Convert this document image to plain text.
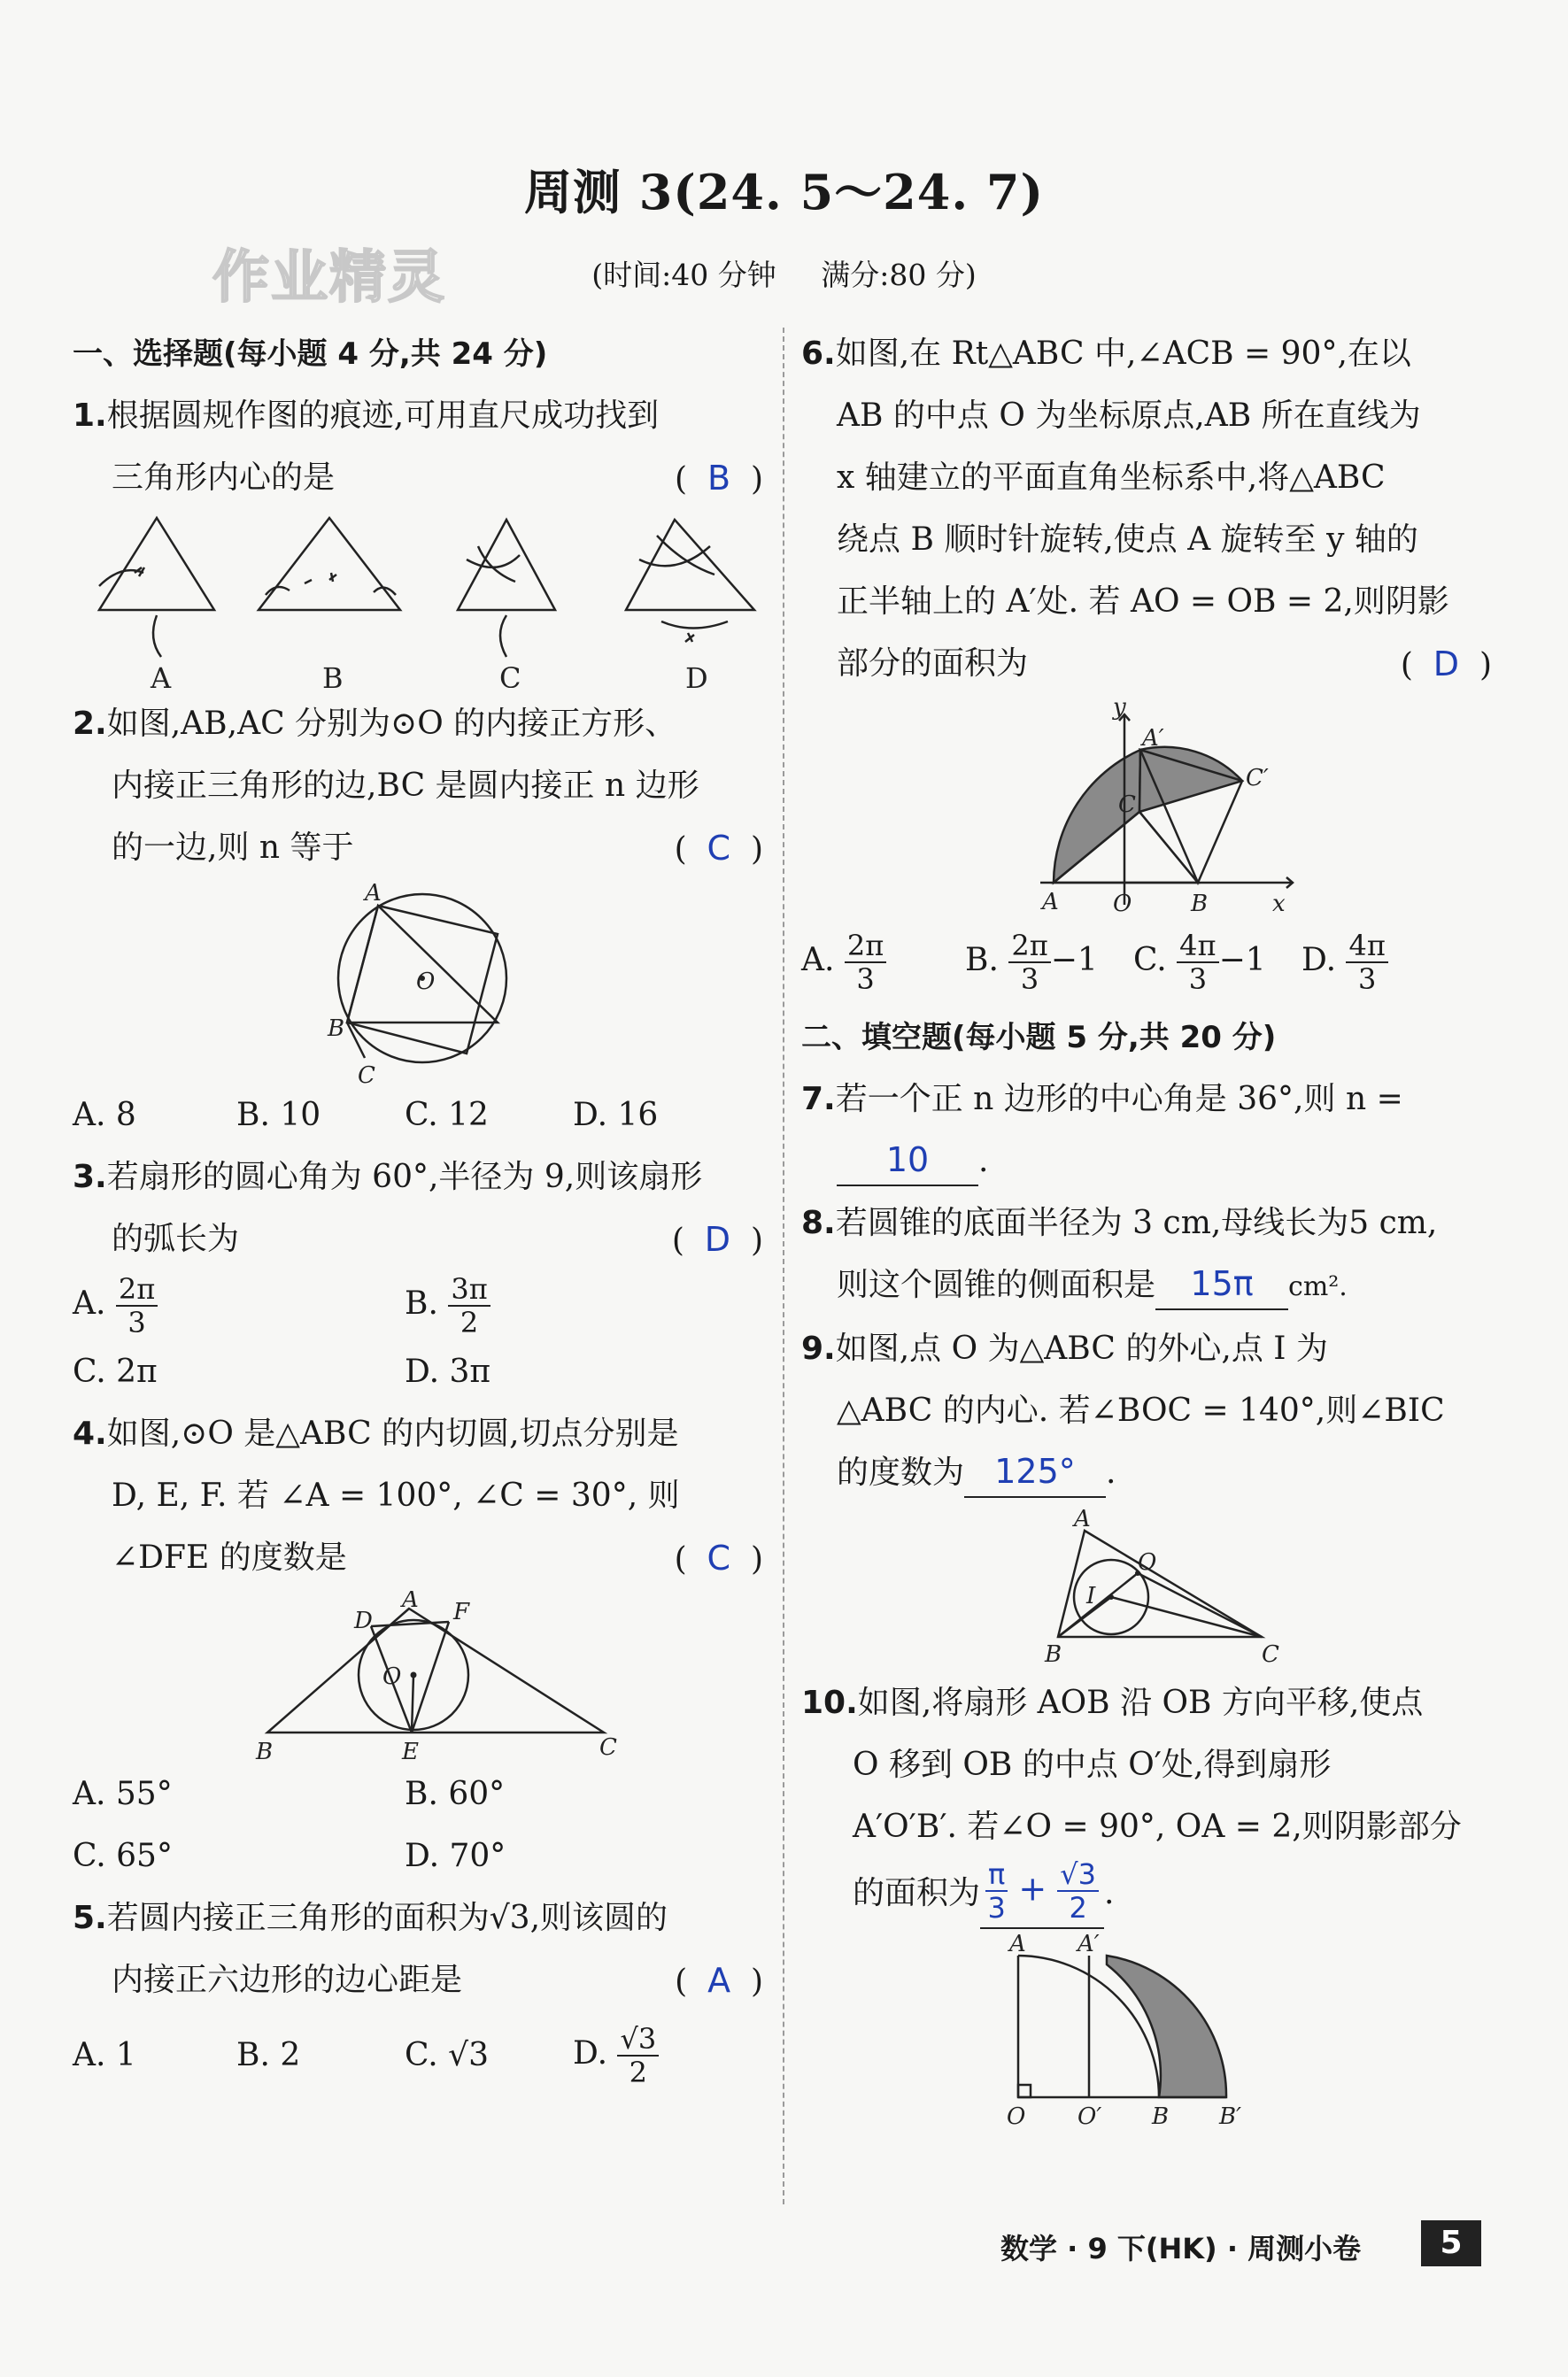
周测 3(24. 5～24. 7)
作业精灵	(时间:40 分钟 满分:80 分)
一、选择题(每小题 4 分,共 24 分)
1.根据圆规作图的痕迹,可用直尺成功找到
三角形内心的是	(  B  )
A	B	C	D
2.如图,AB,AC 分别为⊙O 的内接正方形、
内接正三角形的边,BC 是圆内接正 n 边形
的一边,则 n 等于	(  C  )
A
B
C
O
A. 8	B. 10	C. 12	D. 16
3.若扇形的圆心角为 60°,半径为 9,则该扇形
的弧长为	(  D  )
A. $\frac{2\pi}{3}$	B. $\frac{3\pi}{2}$
C. 2π	D. 3π
4.如图,⊙O 是△ABC 的内切圆,切点分别是
D, E, F. 若 ∠A = 100°, ∠C = 30°, 则
∠DFE 的度数是	(  C  )
A
D	F
O
B	E	C
A. 55°	B. 60°
C. 65°	D. 70°
5.若圆内接正三角形的面积为√3,则该圆的
内接正六边形的边心距是	(  A  )
A. 1	B. 2	C. √3	D. $\frac{√3}{2}$
6.如图,在 Rt△ABC 中,∠ACB = 90°,在以
AB 的中点 O 为坐标原点,AB 所在直线为
x 轴建立的平面直角坐标系中,将△ABC
绕点 B 顺时针旋转,使点 A 旋转至 y 轴的
正半轴上的 A′处. 若 AO = OB = 2,则阴影
部分的面积为	(  D  )
y
A′
C
C′
A O	B	x
A. $\frac{2\pi}{3} B$. $\frac{2\pi}{3} -1$	C. $\frac{4\pi}{3} -1$	D. $\frac{4\pi}{3}$
二、填空题(每小题 5 分,共 20 分)
7.若一个正 n 边形的中心角是 36°,则 n =
10 .
8.若圆锥的底面半径为 3 cm,母线长为5 cm,
则这个圆锥的侧面积是 15π cm².
9.如图,点 O 为△ABC 的外心,点 I 为
△ABC 的内心. 若∠BOC = 140°,则∠BIC
的度数为 125° .
A
I
O
B	C
10.如图,将扇形 AOB 沿 OB 方向平移,使点
O 移到 OB 的中点 O′处,得到扇形
A′O′B′. 若∠O = 90°, OA = 2,则阴影部分
的面积为 $\frac{\pi}{3} + \frac{√3}{2}$ .
A A′
O O′ B B′
数学 · 9 下(HK) · 周测小卷	5
